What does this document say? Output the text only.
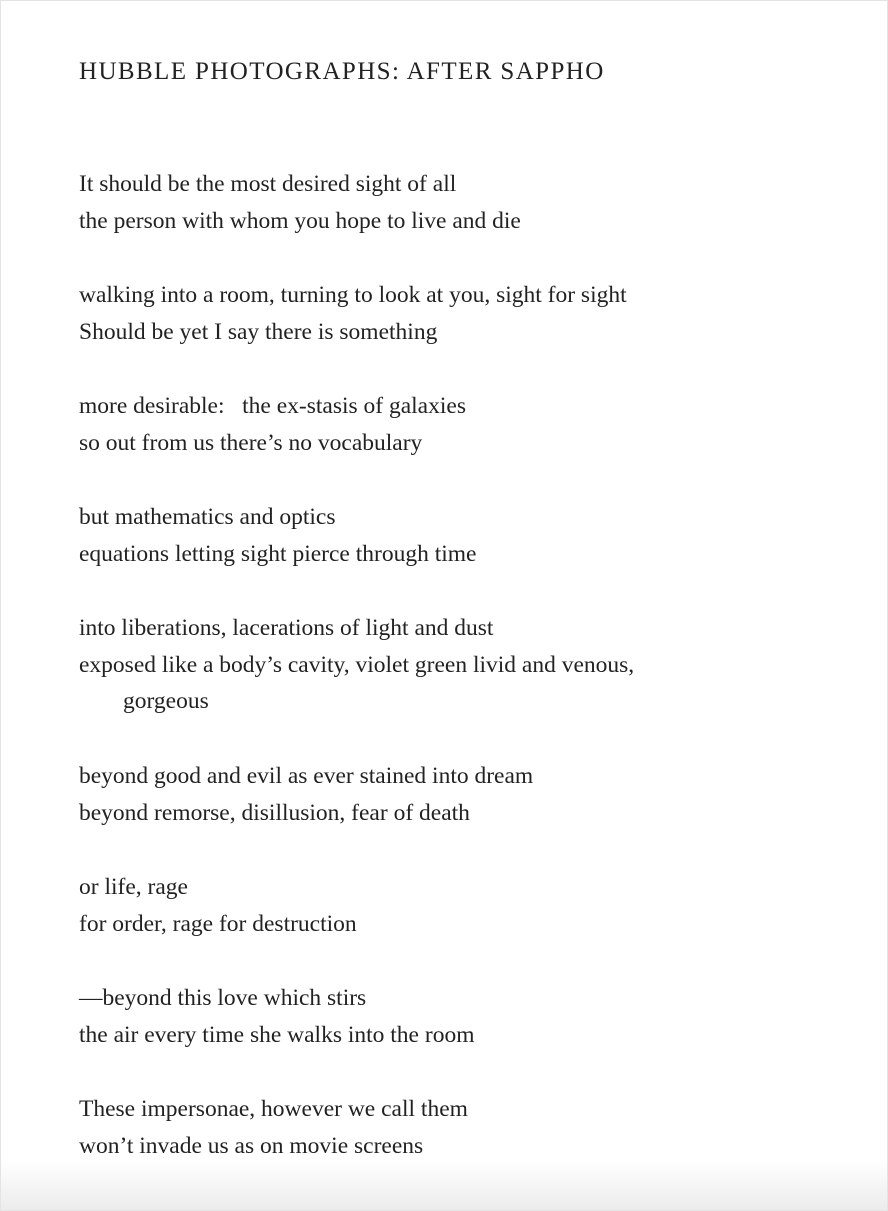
HUBBLE PHOTOGRAPHS: AFTER SAPPHO
It should be the most desired sight of all
the person with whom you hope to live and die
walking into a room, turning to look at you, sight for sight
Should be yet I say there is something
more desirable:   the ex-stasis of galaxies
so out from us there’s no vocabulary
but mathematics and optics
equations letting sight pierce through time
into liberations, lacerations of light and dust
exposed like a body’s cavity, violet green livid and venous,
gorgeous
beyond good and evil as ever stained into dream
beyond remorse, disillusion, fear of death
or life, rage
for order, rage for destruction
—beyond this love which stirs
the air every time she walks into the room
These impersonae, however we call them
won’t invade us as on movie screens
